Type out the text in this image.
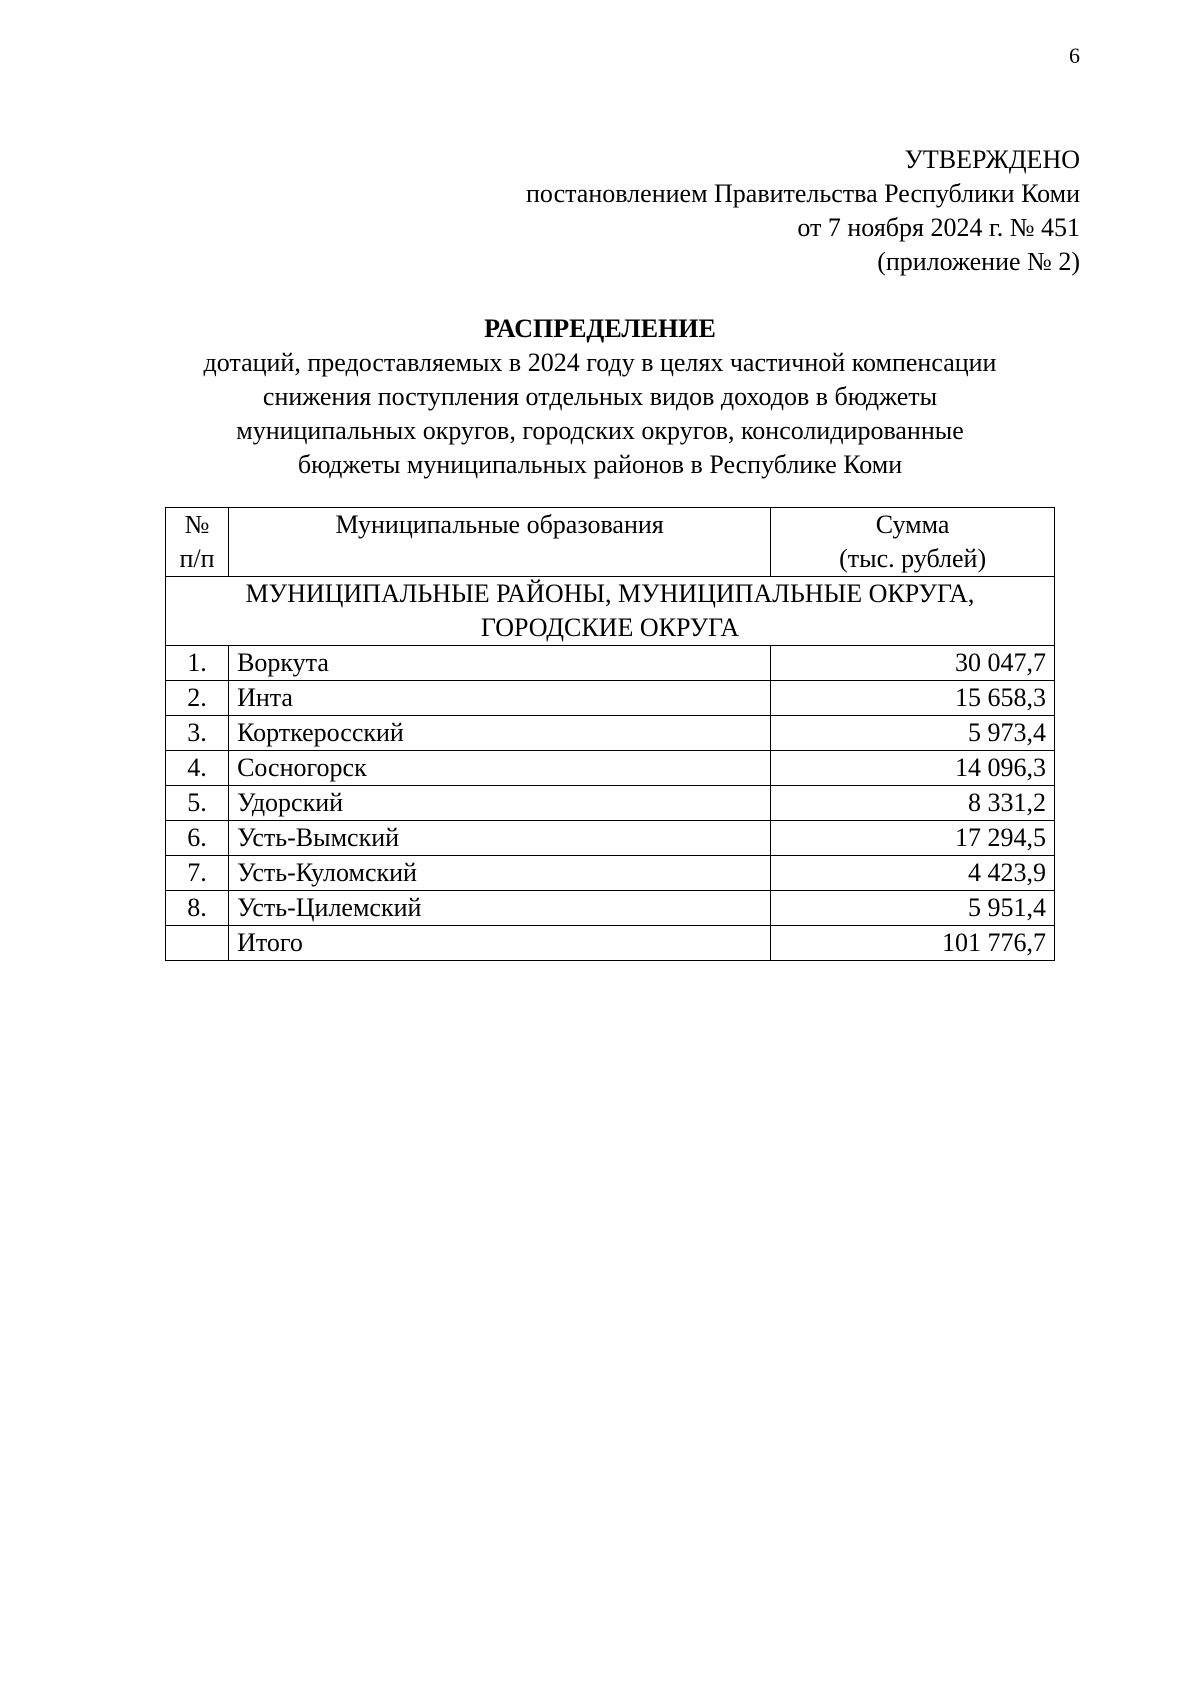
6
УТВЕРЖДЕНО
постановлением Правительства Республики Коми
от 7 ноября 2024 г. № 451
(приложение № 2)
РАСПРЕДЕЛЕНИЕ
дотаций, предоставляемых в 2024 году в целях частичной компенсации
снижения поступления отдельных видов доходов в бюджеты
муниципальных округов, городских округов, консолидированные
бюджеты муниципальных районов в Республике Коми
№
п/п	Муниципальные образования	Сумма
(тыс. рублей)

МУНИЦИПАЛЬНЫЕ РАЙОНЫ, МУНИЦИПАЛЬНЫЕ ОКРУГА,
ГОРОДСКИЕ ОКРУГА		

1.	Воркута	30 047,7
2.	Инта	15 658,3
3.	Корткеросский	5 973,4
4.	Сосногорск	14 096,3
5.	Удорский	8 331,2
6.	Усть-Вымский	17 294,5
7.	Усть-Куломский	4 423,9
8.	Усть-Цилемский	5 951,4
	Итого	101 776,7
